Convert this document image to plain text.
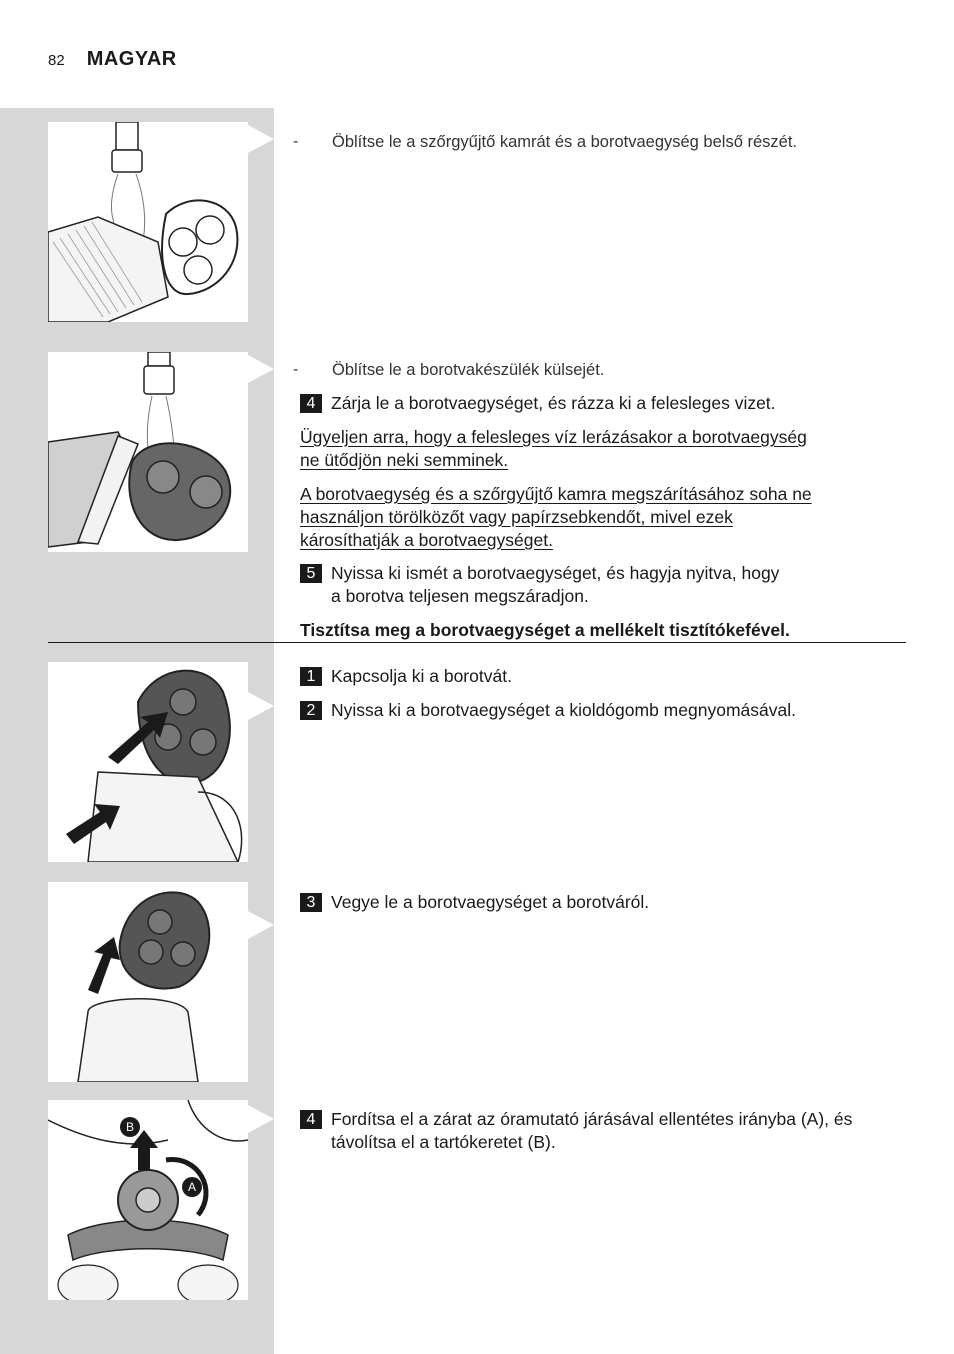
82 MAGYAR
B
A
- Öblítse le a szőrgyűjtő kamrát és a borotvaegység belső részét.
- Öblítse le a borotvakészülék külsejét.
4 Zárja le a borotvaegységet, és rázza ki a felesleges vizet.
Ügyeljen arra, hogy a felesleges víz lerázásakor a borotvaegység ne ütődjön neki semminek.
A borotvaegység és a szőrgyűjtő kamra megszárításához soha ne használjon törölközőt vagy papírzsebkendőt, mivel ezek károsíthatják a borotvaegységet.
5 Nyissa ki ismét a borotvaegységet, és hagyja nyitva, hogy a borotva teljesen megszáradjon.
Tisztítsa meg a borotvaegységet a mellékelt tisztítókefével.
1 Kapcsolja ki a borotvát.
2 Nyissa ki a borotvaegységet a kioldógomb megnyomásával.
3 Vegye le a borotvaegységet a borotváról.
4 Fordítsa el a zárat az óramutató járásával ellentétes irányba (A), és távolítsa el a tartókeretet (B).
